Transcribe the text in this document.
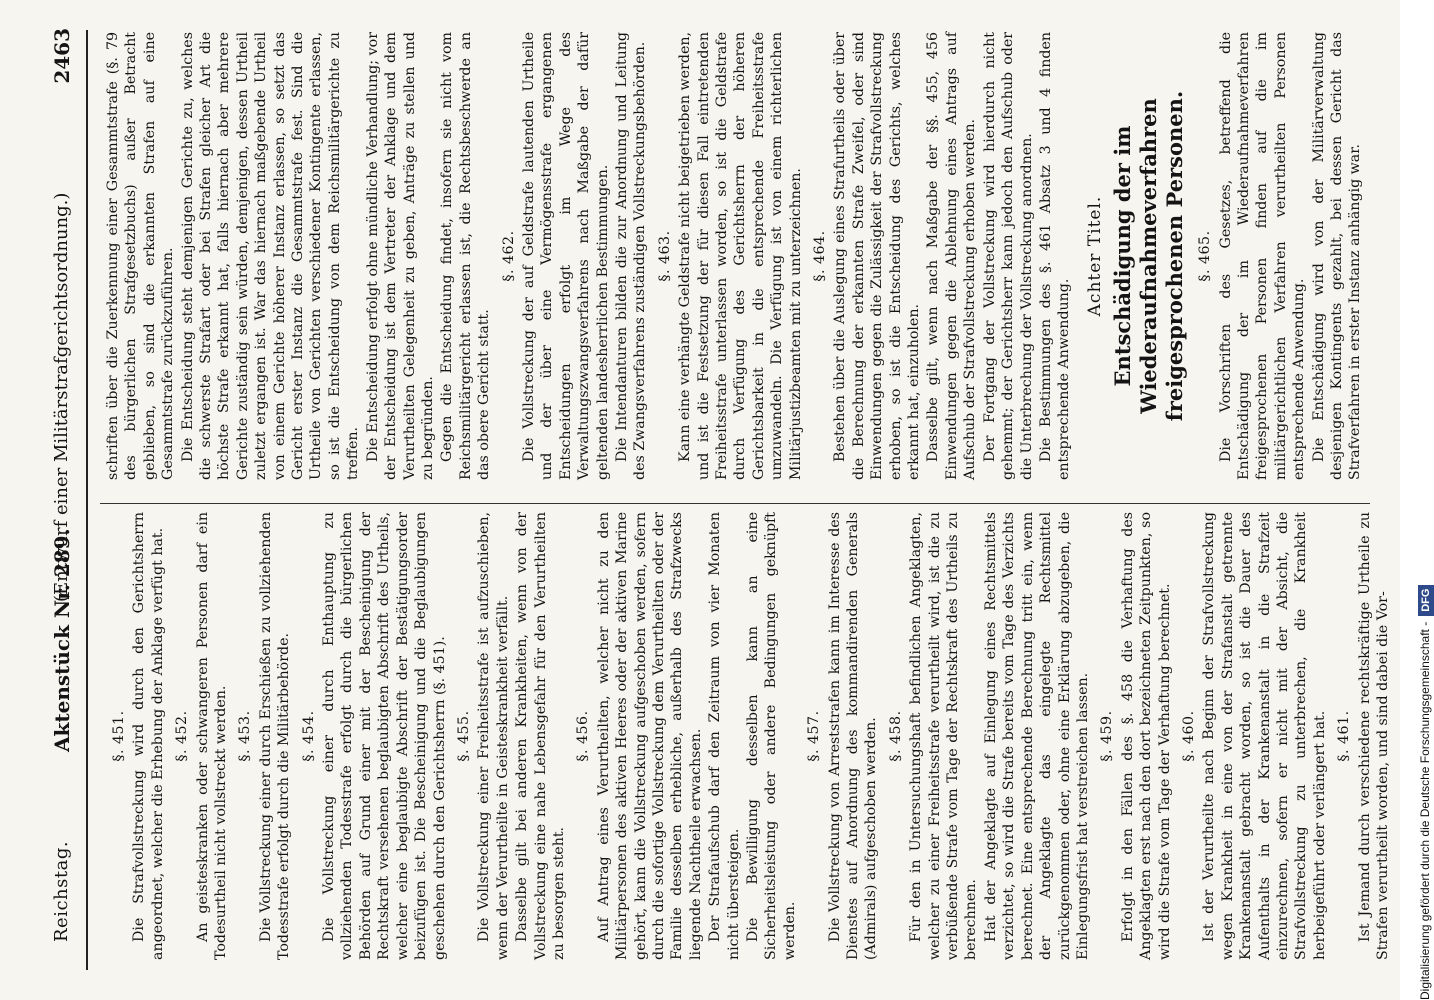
Reichstag.
Aktenstück Nr. 289.
(Entwurf einer Militärstrafgerichtsordnung.)
2463

§. 451. Die Strafvollstreckung wird durch den Gerichtsherrn angeordnet, welcher die Erhebung der Anklage verfügt hat. §. 452. An geisteskranken oder schwangeren Personen darf ein Todesurtheil nicht vollstreckt werden. §. 453. Die Vollstreckung einer durch Erschießen zu vollziehenden Todesstrafe erfolgt durch die Militärbehörde. §. 454. Die Vollstreckung einer durch Enthauptung zu vollziehenden Todesstrafe erfolgt durch die bürgerlichen Behörden auf Grund einer mit der Bescheinigung der Rechtskraft versehenen beglaubigten Abschrift des Urtheils, welcher eine beglaubigte Abschrift der Bestätigungsorder beizufügen ist. Die Bescheinigung und die Beglaubigungen geschehen durch den Gerichtsherrn (§. 451). §. 455. Die Vollstreckung einer Freiheitsstrafe ist aufzuschieben, wenn der Verurtheilte in Geisteskrankheit verfällt. Dasselbe gilt bei anderen Krankheiten, wenn von der Vollstreckung eine nahe Lebensgefahr für den Verurtheilten zu besorgen steht.

§. 456. Auf Antrag eines Verurtheilten, welcher nicht zu den Militärpersonen des aktiven Heeres oder der aktiven Marine gehört, kann die Vollstreckung aufgeschoben werden, sofern durch die sofortige Vollstreckung dem Verurtheilten oder der Familie desselben erhebliche, außerhalb des Strafzwecks liegende Nachtheile erwachsen. Der Strafaufschub darf den Zeitraum von vier Monaten nicht übersteigen. Die Bewilligung desselben kann an eine Sicherheitsleistung oder andere Bedingungen geknüpft werden.

§. 457. Die Vollstreckung von Arreststrafen kann im Interesse des Dienstes auf Anordnung des kommandirenden Generals (Admirals) aufgeschoben werden. §. 458. Für den in Untersuchungshaft befindlichen Angeklagten, welcher zu einer Freiheitsstrafe verurtheilt wird, ist die zu verbüßende Strafe vom Tage der Rechtskraft des Urtheils zu berechnen. Hat der Angeklagte auf Einlegung eines Rechtsmittels verzichtet, so wird die Strafe bereits vom Tage des Verzichts berechnet. Eine entsprechende Berechnung tritt ein, wenn der Angeklagte das eingelegte Rechtsmittel zurückgenommen oder, ohne eine Erklärung abzugeben, die Einlegungsfrist hat verstreichen lassen. §. 459. Erfolgt in den Fällen des §. 458 die Verhaftung des Angeklagten erst nach den dort bezeichneten Zeitpunkten, so wird die Strafe vom Tage der Verhaftung berechnet. §. 460. Ist der Verurtheilte nach Beginn der Strafvollstreckung wegen Krankheit in eine von der Strafanstalt getrennte Krankenanstalt gebracht worden, so ist die Dauer des Aufenthalts in der Krankenanstalt in die Strafzeit einzurechnen, sofern er nicht mit der Absicht, die Strafvollstreckung zu unterbrechen, die Krankheit herbeigeführt oder verlängert hat. §. 461. Ist Jemand durch verschiedene rechtskräftige Urtheile zu Strafen verurtheilt worden, und sind dabei die Vor-

schriften über die Zuerkennung einer Gesammtstrafe (§. 79 des bürgerlichen Strafgesetzbuchs) außer Betracht geblieben, so sind die erkannten Strafen auf eine Gesammtstrafe zurückzuführen. Die Entscheidung steht demjenigen Gerichte zu, welches die schwerste Strafart oder bei Strafen gleicher Art die höchste Strafe erkannt hat, falls hiernach aber mehrere Gerichte zuständig sein würden, demjenigen, dessen Urtheil zuletzt ergangen ist. War das hiernach maßgebende Urtheil von einem Gerichte höherer Instanz erlassen, so setzt das Gericht erster Instanz die Gesammtstrafe fest. Sind die Urtheile von Gerichten verschiedener Kontingente erlassen, so ist die Entscheidung von dem Reichsmilitärgerichte zu treffen. Die Entscheidung erfolgt ohne mündliche Verhandlung; vor der Entscheidung ist dem Vertreter der Anklage und dem Verurtheilten Gelegenheit zu geben, Anträge zu stellen und zu begründen. Gegen die Entscheidung findet, insofern sie nicht vom Reichsmilitärgericht erlassen ist, die Rechtsbeschwerde an das obere Gericht statt.

§. 462. Die Vollstreckung der auf Geldstrafe lautenden Urtheile und der über eine Vermögensstrafe ergangenen Entscheidungen erfolgt im Wege des Verwaltungszwangsverfahrens nach Maßgabe der dafür geltenden landesherrlichen Bestimmungen. Die Intendanturen bilden die zur Anordnung und Leitung des Zwangsverfahrens zuständigen Vollstreckungsbehörden. §. 463. Kann eine verhängte Geldstrafe nicht beigetrieben werden, und ist die Festsetzung der für diesen Fall eintretenden Freiheitsstrafe unterlassen worden, so ist die Geldstrafe durch Verfügung des Gerichtsherrn der höheren Gerichtsbarkeit in die entsprechende Freiheitsstrafe umzuwandeln. Die Verfügung ist von einem richterlichen Militärjustizbeamten mit zu unterzeichnen. §. 464. Bestehen über die Auslegung eines Strafurtheils oder über die Berechnung der erkannten Strafe Zweifel, oder sind Einwendungen gegen die Zulässigkeit der Strafvollstreckung erhoben, so ist die Entscheidung des Gerichts, welches erkannt hat, einzuholen. Dasselbe gilt, wenn nach Maßgabe der §§. 455, 456 Einwendungen gegen die Ablehnung eines Antrags auf Aufschub der Strafvollstreckung erhoben werden. Der Fortgang der Vollstreckung wird hierdurch nicht gehemmt; der Gerichtsherr kann jedoch den Aufschub oder die Unterbrechung der Vollstreckung anordnen. Die Bestimmungen des §. 461 Absatz 3 und 4 finden entsprechende Anwendung.

Achter Titel. Entschädigung der im Wiederaufnahmeverfahren freigesprochenen Personen. §. 465. Die Vorschriften des Gesetzes, betreffend die Entschädigung der im Wiederaufnahmeverfahren freigesprochenen Personen finden auf die im militärgerichtlichen Verfahren verurtheilten Personen entsprechende Anwendung. Die Entschädigung wird von der Militärverwaltung desjenigen Kontingents gezahlt, bei dessen Gericht das Strafverfahren in erster Instanz anhängig war.

Digitalisierung gefördert durch die Deutsche Forschungsgemeinschaft -DFG
